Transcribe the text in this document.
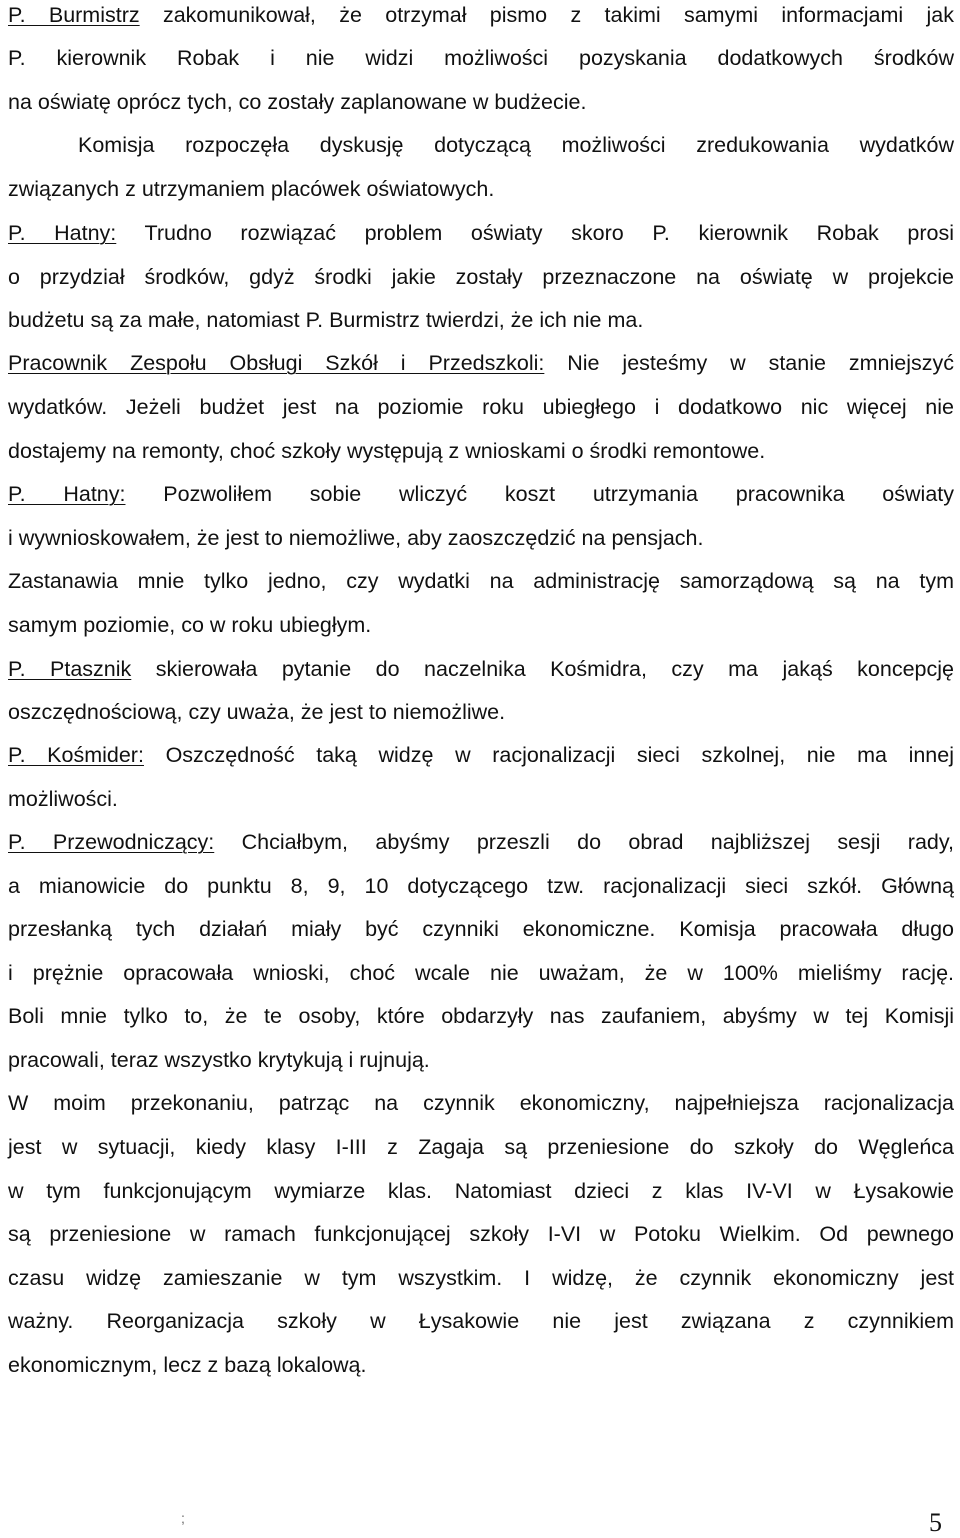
P. Burmistrz zakomunikował, że otrzymał pismo z takimi samymi informacjami jak
P. kierownik Robak i nie widzi możliwości pozyskania dodatkowych środków
na oświatę oprócz tych, co zostały zaplanowane w budżecie.
Komisja rozpoczęła dyskusję dotyczącą możliwości zredukowania wydatków
związanych z utrzymaniem placówek oświatowych.
P. Hatny: Trudno rozwiązać problem oświaty skoro P. kierownik Robak prosi
o przydział środków, gdyż środki jakie zostały przeznaczone na oświatę w projekcie
budżetu są za małe, natomiast P. Burmistrz twierdzi, że ich nie ma.
Pracownik Zespołu Obsługi Szkół i Przedszkoli: Nie jesteśmy w stanie zmniejszyć
wydatków. Jeżeli budżet jest na poziomie roku ubiegłego i dodatkowo nic więcej nie
dostajemy na remonty, choć szkoły występują z wnioskami o środki remontowe.
P. Hatny: Pozwoliłem sobie wliczyć koszt utrzymania pracownika oświaty
i wywnioskowałem, że jest to niemożliwe, aby zaoszczędzić na pensjach.
Zastanawia mnie tylko jedno, czy wydatki na administrację samorządową są na tym
samym poziomie, co w roku ubiegłym.
P. Ptasznik skierowała pytanie do naczelnika Kośmidra, czy ma jakąś koncepcję
oszczędnościową, czy uważa, że jest to niemożliwe.
P. Kośmider: Oszczędność taką widzę w racjonalizacji sieci szkolnej, nie ma innej
możliwości.
P. Przewodniczący: Chciałbym, abyśmy przeszli do obrad najbliższej sesji rady,
a mianowicie do punktu 8, 9, 10 dotyczącego tzw. racjonalizacji sieci szkół. Główną
przesłanką tych działań miały być czynniki ekonomiczne. Komisja pracowała długo
i prężnie opracowała wnioski, choć wcale nie uważam, że w 100% mieliśmy rację.
Boli mnie tylko to, że te osoby, które obdarzyły nas zaufaniem, abyśmy w tej Komisji
pracowali, teraz wszystko krytykują i rujnują.
W moim przekonaniu, patrząc na czynnik ekonomiczny, najpełniejsza racjonalizacja
jest w sytuacji, kiedy klasy I-III z Zagaja są przeniesione do szkoły do Węgleńca
w tym funkcjonującym wymiarze klas. Natomiast dzieci z klas IV-VI w Łysakowie
są przeniesione w ramach funkcjonującej szkoły I-VI w Potoku Wielkim. Od pewnego
czasu widzę zamieszanie w tym wszystkim. I widzę, że czynnik ekonomiczny jest
ważny. Reorganizacja szkoły w Łysakowie nie jest związana z czynnikiem
ekonomicznym, lecz z bazą lokalową.
;	5
